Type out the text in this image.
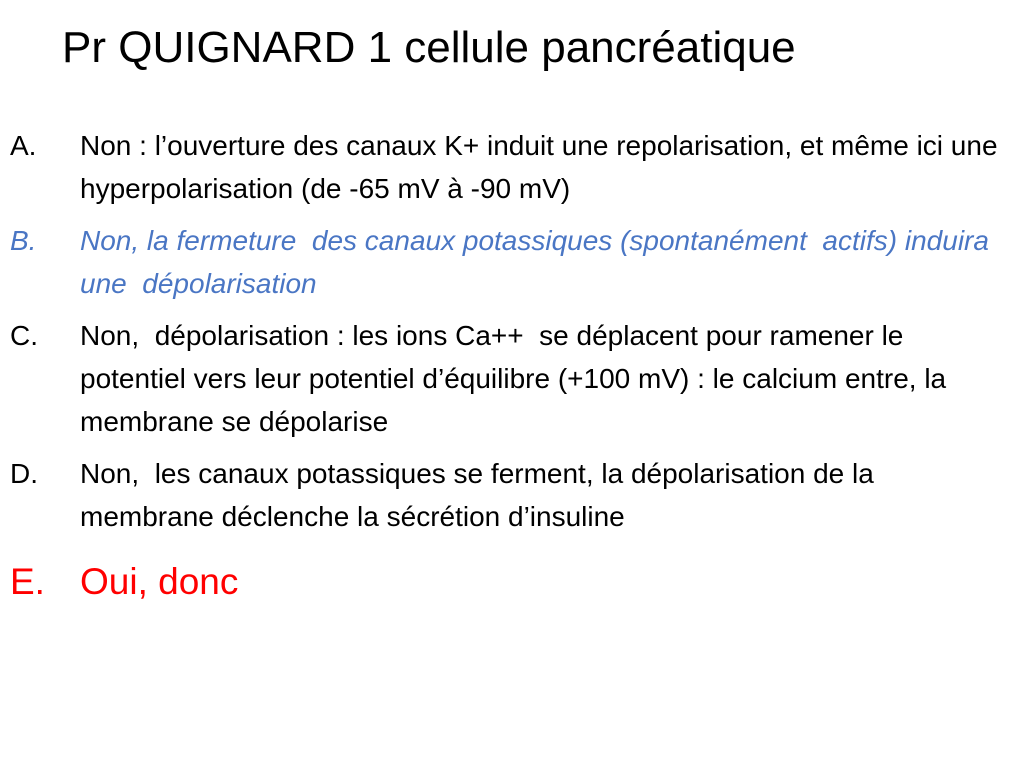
Pr QUIGNARD 1 cellule pancréatique
A. Non : l’ouverture des canaux K+ induit une repolarisation, et même ici une hyperpolarisation (de -65 mV à -90 mV)
B. Non, la fermeture  des canaux potassiques (spontanément  actifs) induira une  dépolarisation
C. Non,  dépolarisation : les ions Ca++  se déplacent pour ramener le potentiel vers leur potentiel d’équilibre (+100 mV) : le calcium entre, la membrane se dépolarise
D. Non,  les canaux potassiques se ferment, la dépolarisation de la membrane déclenche la sécrétion d’insuline
E. Oui, donc
